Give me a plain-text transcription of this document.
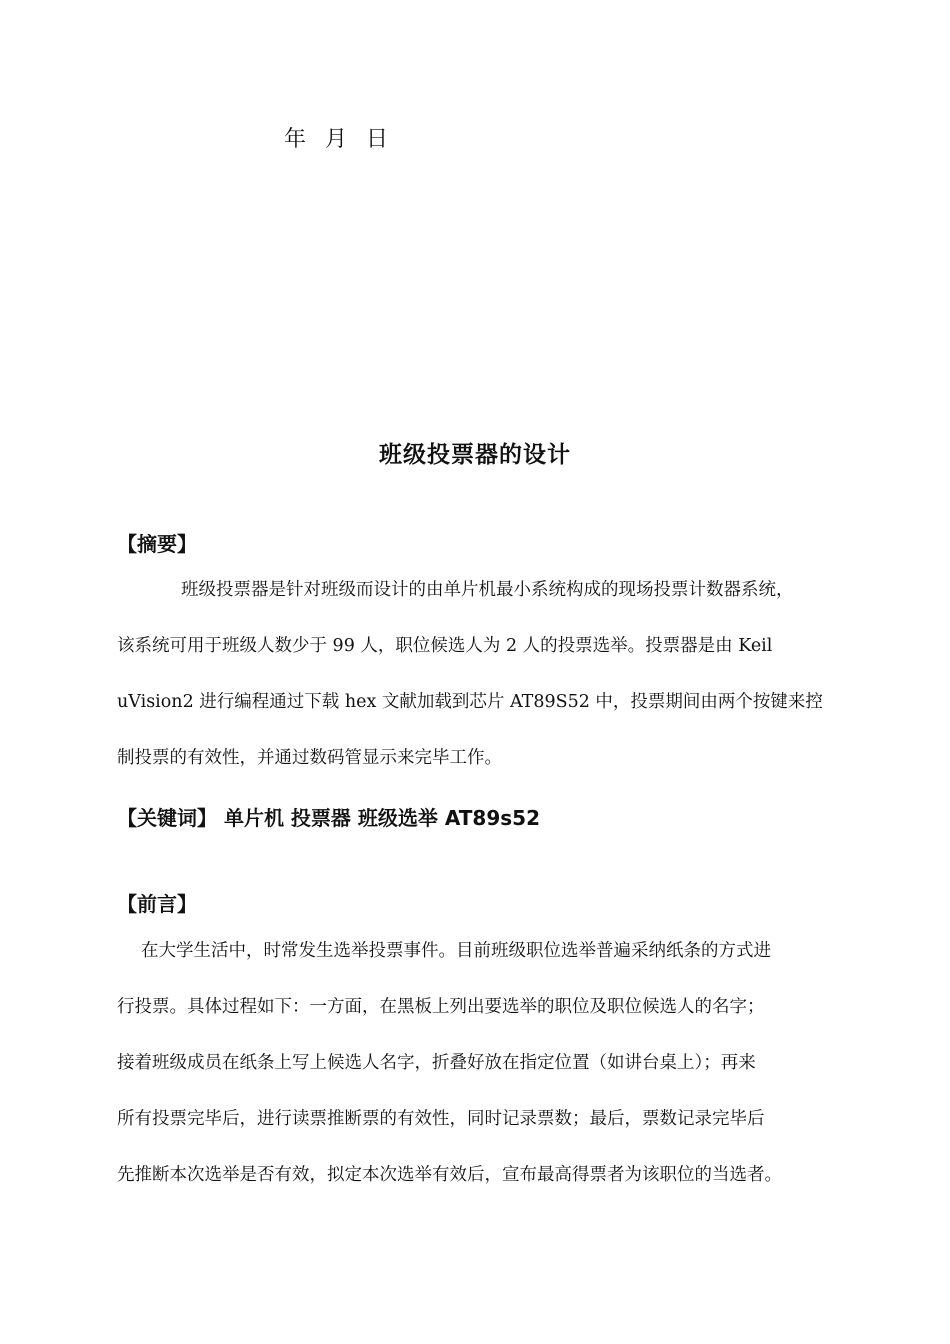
年 月 日
班级投票器的设计
【摘要】
班级投票器是针对班级而设计的由单片机最小系统构成的现场投票计数器系统，
该系统可用于班级人数少于 99 人，职位候选人为 2 人的投票选举。投票器是由 Keil
uVision2 进行编程通过下载 hex 文献加载到芯片 AT89S52 中，投票期间由两个按键来控
制投票的有效性，并通过数码管显示来完毕工作。
【关键词】 单片机 投票器 班级选举 AT89s52
【前言】
在大学生活中，时常发生选举投票事件。目前班级职位选举普遍采纳纸条的方式进
行投票。具体过程如下：一方面，在黑板上列出要选举的职位及职位候选人的名字；
接着班级成员在纸条上写上候选人名字，折叠好放在指定位置（如讲台桌上）；再来
所有投票完毕后，进行读票推断票的有效性，同时记录票数；最后，票数记录完毕后
先推断本次选举是否有效，拟定本次选举有效后，宣布最高得票者为该职位的当选者。
